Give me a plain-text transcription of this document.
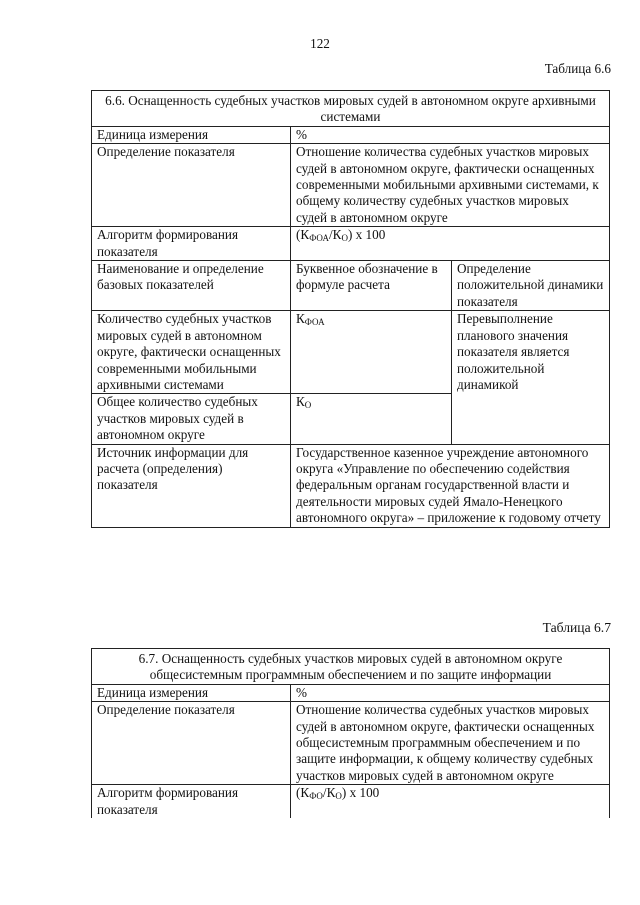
122
Таблица 6.6
6.6. Оснащенность судебных участков мировых судей в автономном округе архивными системами		
Единица измерения	%	
Определение показателя	Отношение количества судебных участков мировых судей в автономном округе, фактически оснащенных современными мобильными архивными системами, к общему количеству судебных участков мировых судей в автономном округе	
Алгоритм формирования показателя	$(К_{ФОА}/К_О)$ х 100	
Наименование и определение базовых показателей	Буквенное обозначение в формуле расчета	Определение положительной динамики показателя
Количество судебных участков мировых судей в автономном округе, фактически оснащенных современными мобильными архивными системами	$К_{ФОА}$	Перевыполнение планового значения показателя является положительной динамикой
Общее количество судебных участков мировых судей в автономном округе	$К_О$
Источник информации для расчета (определения) показателя	Государственное казенное учреждение автономного округа «Управление по обеспечению содействия федеральным органам государственной власти и деятельности мировых судей Ямало-Ненецкого автономного округа» – приложение к годовому отчету	
Таблица 6.7
6.7. Оснащенность судебных участков мировых судей в автономном округе общесистемным программным обеспечением и по защите информации	
Единица измерения	%
Определение показателя	Отношение количества судебных участков мировых судей в автономном округе, фактически оснащенных общесистемным программным обеспечением и по защите информации, к общему количеству судебных участков мировых судей в автономном округе
Алгоритм формирования показателя	$(К_{ФО}/К_О)$ х 100
